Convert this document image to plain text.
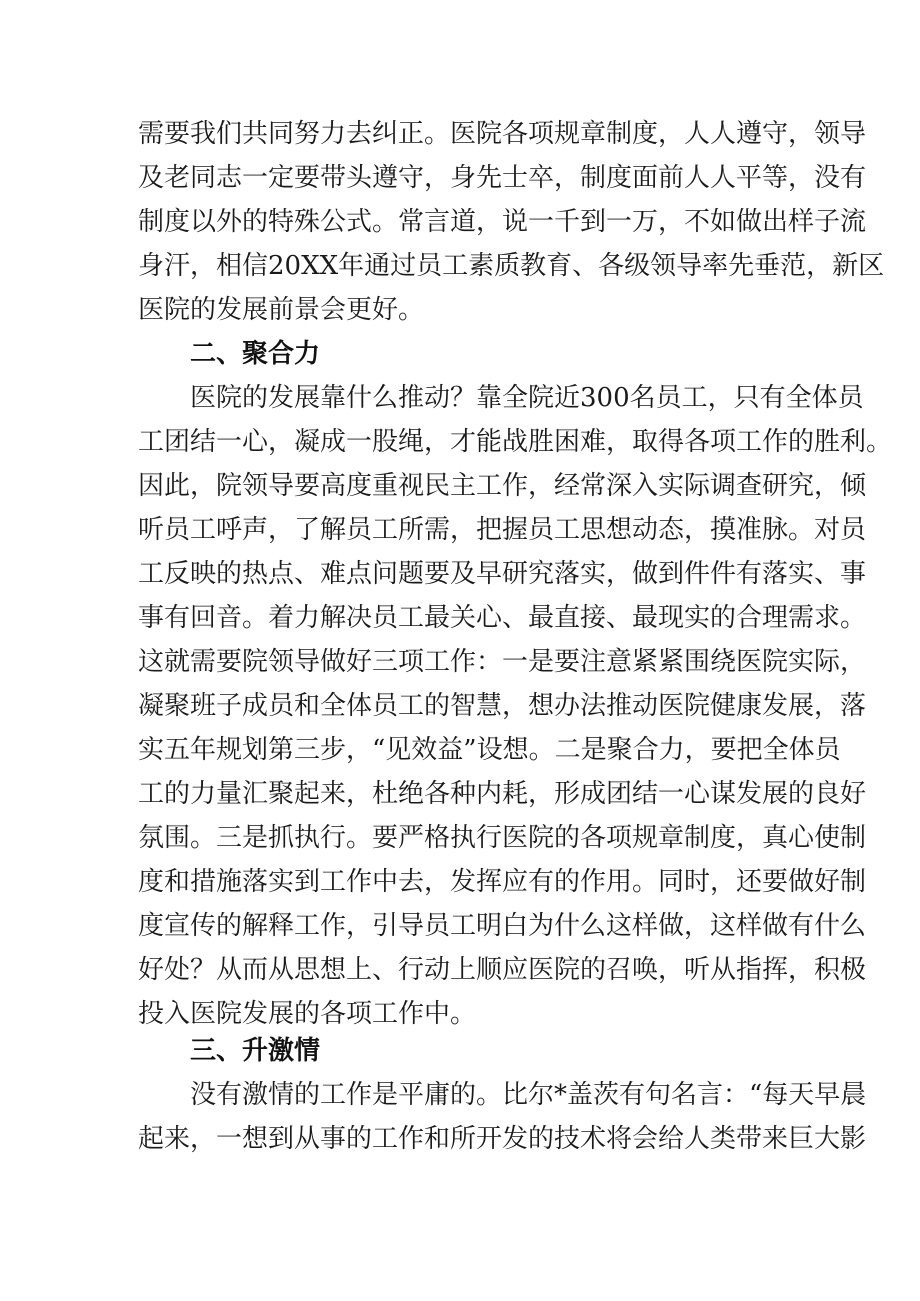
需要我们共同努力去纠正。医院各项规章制度，人人遵守，领导
及老同志一定要带头遵守，身先士卒，制度面前人人平等，没有
制度以外的特殊公式。常言道，说一千到一万，不如做出样子流
身汗，相信20XX年通过员工素质教育、各级领导率先垂范，新区
医院的发展前景会更好。
二、聚合力
医院的发展靠什么推动？靠全院近300名员工，只有全体员
工团结一心，凝成一股绳，才能战胜困难，取得各项工作的胜利。
因此，院领导要高度重视民主工作，经常深入实际调查研究，倾
听员工呼声，了解员工所需，把握员工思想动态，摸准脉。对员
工反映的热点、难点问题要及早研究落实，做到件件有落实、事
事有回音。着力解决员工最关心、最直接、最现实的合理需求。
这就需要院领导做好三项工作：一是要注意紧紧围绕医院实际，
凝聚班子成员和全体员工的智慧，想办法推动医院健康发展，落
实五年规划第三步，“见效益”设想。二是聚合力，要把全体员
工的力量汇聚起来，杜绝各种内耗，形成团结一心谋发展的良好
氛围。三是抓执行。要严格执行医院的各项规章制度，真心使制
度和措施落实到工作中去，发挥应有的作用。同时，还要做好制
度宣传的解释工作，引导员工明白为什么这样做，这样做有什么
好处？从而从思想上、行动上顺应医院的召唤，听从指挥，积极
投入医院发展的各项工作中。
三、升激情
没有激情的工作是平庸的。比尔*盖茨有句名言：“每天早晨
起来，一想到从事的工作和所开发的技术将会给人类带来巨大影
